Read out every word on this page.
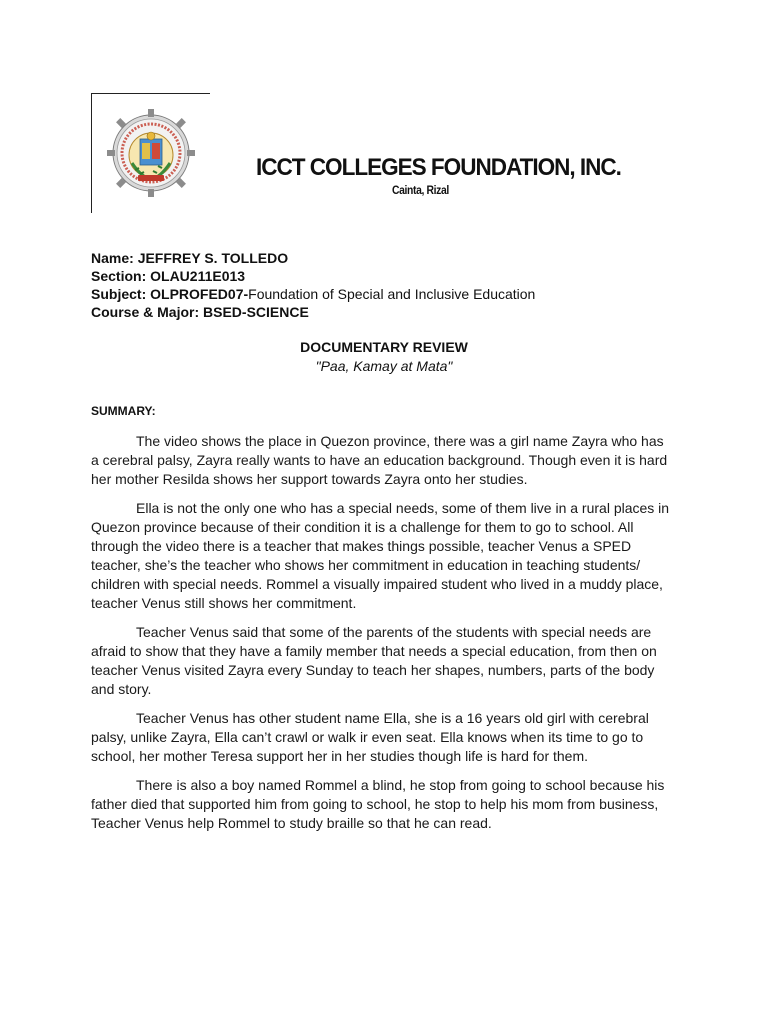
ICCT COLLEGES FOUNDATION, INC.
Cainta, Rizal
Name: JEFFREY S. TOLLEDO
Section: OLAU211E013
Subject: OLPROFED07-Foundation of Special and Inclusive Education
Course & Major: BSED-SCIENCE
DOCUMENTARY REVIEW
"Paa, Kamay at Mata"
SUMMARY:

The video shows the place in Quezon province, there was a girl name Zayra who has a cerebral palsy, Zayra really wants to have an education background. Though even it is hard her mother Resilda shows her support towards Zayra onto her studies.

Ella is not the only one who has a special needs, some of them live in a rural places in Quezon province because of their condition it is a challenge for them to go to school. All through the video there is a teacher that makes things possible, teacher Venus a SPED teacher, she’s the teacher who shows her commitment in education in teaching students/ children with special needs. Rommel a visually impaired student who lived in a muddy place, teacher Venus still shows her commitment.

Teacher Venus said that some of the parents of the students with special needs are afraid to show that they have a family member that needs a special education, from then on teacher Venus visited Zayra every Sunday to teach her shapes, numbers, parts of the body and story.

Teacher Venus has other student name Ella, she is a 16 years old girl with cerebral palsy, unlike Zayra, Ella can’t crawl or walk ir even seat. Ella knows when its time to go to school, her mother Teresa support her in her studies though life is hard for them.

There is also a boy named Rommel a blind, he stop from going to school because his father died that supported him from going to school, he stop to help his mom from business, Teacher Venus help Rommel to study braille so that he can read.
